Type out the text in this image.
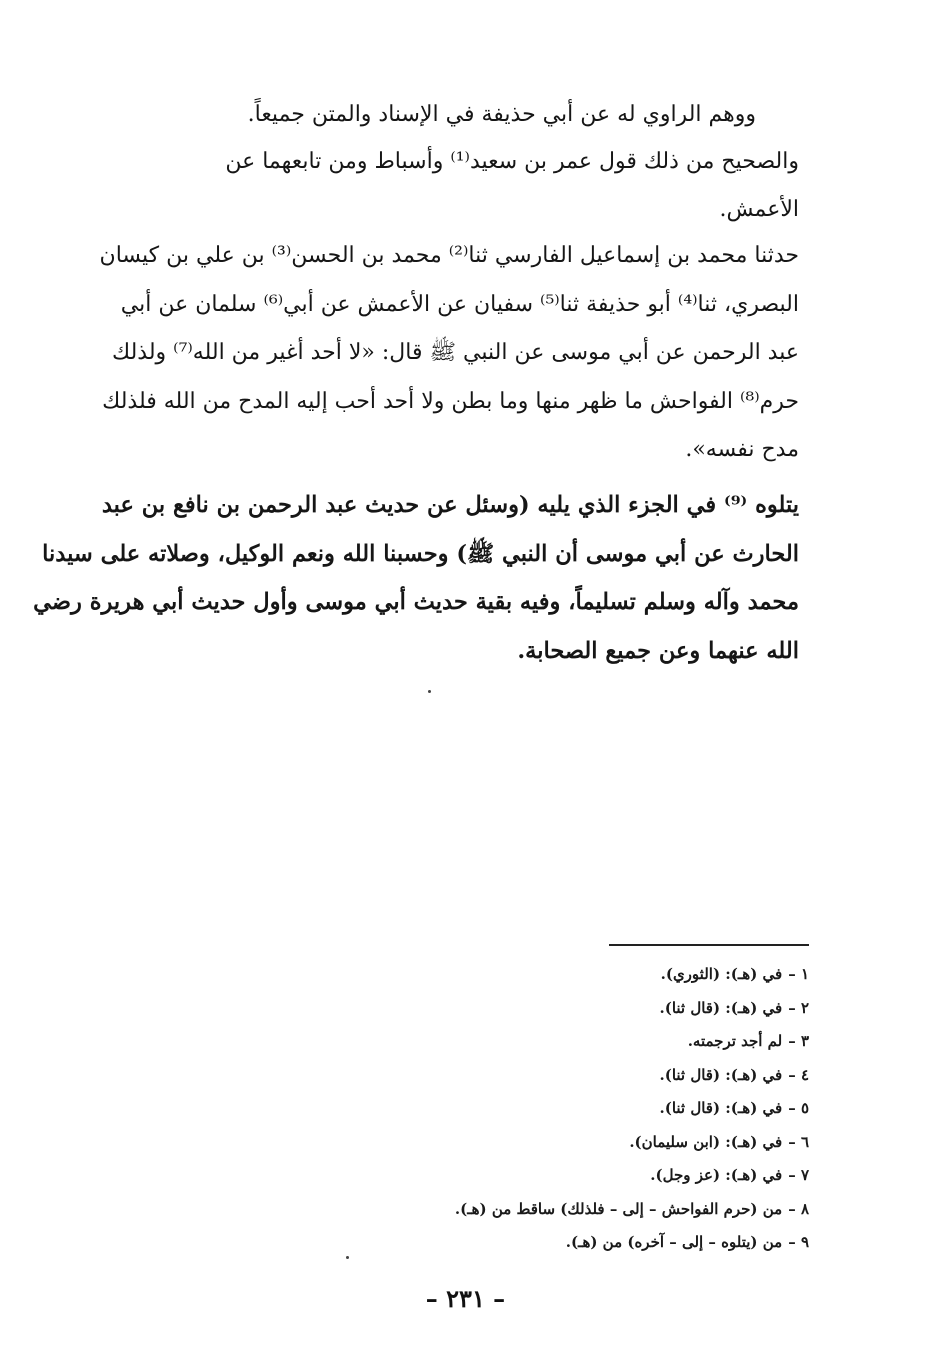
ووهم الراوي له عن أبي حذيفة في الإسناد والمتن جميعاً.
والصحيح من ذلك قول عمر بن سعيد⁽¹⁾ وأسباط ومن تابعهما عن
الأعمش.
حدثنا محمد بن إسماعيل الفارسي ثنا⁽²⁾ محمد بن الحسن⁽³⁾ بن علي بن كيسان
البصري، ثنا⁽⁴⁾ أبو حذيفة ثنا⁽⁵⁾ سفيان عن الأعمش عن أبي⁽⁶⁾ سلمان عن أبي
عبد الرحمن عن أبي موسى عن النبي ﷺ قال: «لا أحد أغير من الله⁽⁷⁾ ولذلك
حرم⁽⁸⁾ الفواحش ما ظهر منها وما بطن ولا أحد أحب إليه المدح من الله فلذلك
مدح نفسه».
يتلوه ⁽⁹⁾ في الجزء الذي يليه (وسئل عن حديث عبد الرحمن بن نافع بن عبد
الحارث عن أبي موسى أن النبي ﷺ) وحسبنا الله ونعم الوكيل، وصلاته على سيدنا
محمد وآله وسلم تسليماً، وفيه بقية حديث أبي موسى وأول حديث أبي هريرة رضي
الله عنهما وعن جميع الصحابة.
١ –في (هـ): (الثوري).
٢ –في (هـ): (قال ثنا).
٣ –لم أجد ترجمته.
٤ –في (هـ): (قال ثنا).
٥ –في (هـ): (قال ثنا).
٦ –في (هـ): (ابن سليمان).
٧ –في (هـ): (عز وجل).
٨ –من (حرم الفواحش – إلى – فلذلك) ساقط من (هـ).
٩ –من (يتلوه – إلى – آخره) من (هـ).
– ٢٣١ –
